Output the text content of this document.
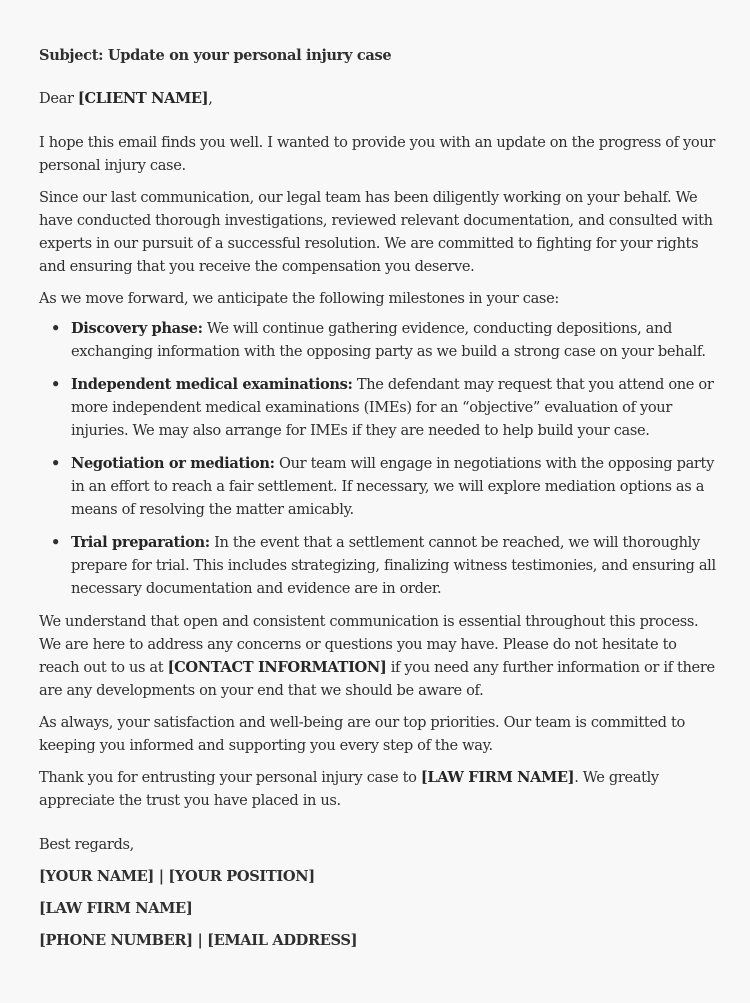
Subject: Update on your personal injury case

Dear [CLIENT NAME],

I hope this email finds you well. I wanted to provide you with an update on the progress of your personal injury case.

Since our last communication, our legal team has been diligently working on your behalf. We have conducted thorough investigations, reviewed relevant documentation, and consulted with experts in our pursuit of a successful resolution. We are committed to fighting for your rights and ensuring that you receive the compensation you deserve.

As we move forward, we anticipate the following milestones in your case:

• Discovery phase: We will continue gathering evidence, conducting depositions, and exchanging information with the opposing party as we build a strong case on your behalf.
• Independent medical examinations: The defendant may request that you attend one or more independent medical examinations (IMEs) for an “objective” evaluation of your injuries. We may also arrange for IMEs if they are needed to help build your case.
• Negotiation or mediation: Our team will engage in negotiations with the opposing party in an effort to reach a fair settlement. If necessary, we will explore mediation options as a means of resolving the matter amicably.
• Trial preparation: In the event that a settlement cannot be reached, we will thoroughly prepare for trial. This includes strategizing, finalizing witness testimonies, and ensuring all necessary documentation and evidence are in order.

We understand that open and consistent communication is essential throughout this process. We are here to address any concerns or questions you may have. Please do not hesitate to reach out to us at [CONTACT INFORMATION] if you need any further information or if there are any developments on your end that we should be aware of.

As always, your satisfaction and well-being are our top priorities. Our team is committed to keeping you informed and supporting you every step of the way.

Thank you for entrusting your personal injury case to [LAW FIRM NAME]. We greatly appreciate the trust you have placed in us.

Best regards,

[YOUR NAME] | [YOUR POSITION]

[LAW FIRM NAME]

[PHONE NUMBER] | [EMAIL ADDRESS]
